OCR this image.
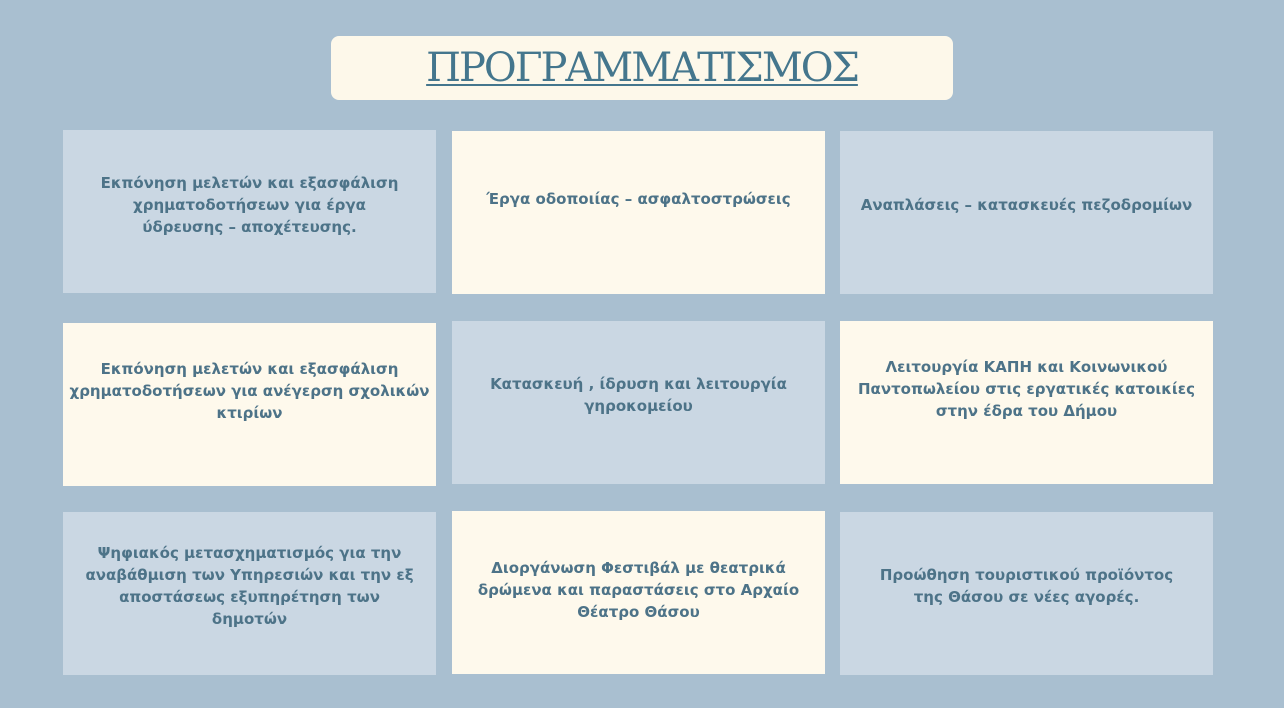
ΠΡΟΓΡΑΜΜΑΤΙΣΜΟΣ
Εκπόνηση μελετών και εξασφάλιση χρηματοδοτήσεων για έργα ύδρευσης – αποχέτευσης.
Έργα οδοποιίας – ασφαλτοστρώσεις	Αναπλάσεις – κατασκευές πεζοδρομίων
Εκπόνηση μελετών και εξασφάλιση χρηματοδοτήσεων για ανέγερση σχολικών κτιρίων
Κατασκευή , ίδρυση και λειτουργία γηροκομείου
Λειτουργία ΚΑΠΗ και Κοινωνικού Παντοπωλείου στις εργατικές κατοικίες στην έδρα του Δήμου
Ψηφιακός μετασχηματισμός για την αναβάθμιση των Υπηρεσιών και την εξ αποστάσεως εξυπηρέτηση των δημοτών
Διοργάνωση Φεστιβάλ με θεατρικά δρώμενα και παραστάσεις στο Αρχαίο Θέατρο Θάσου
Προώθηση τουριστικού προϊόντος της Θάσου σε νέες αγορές.
